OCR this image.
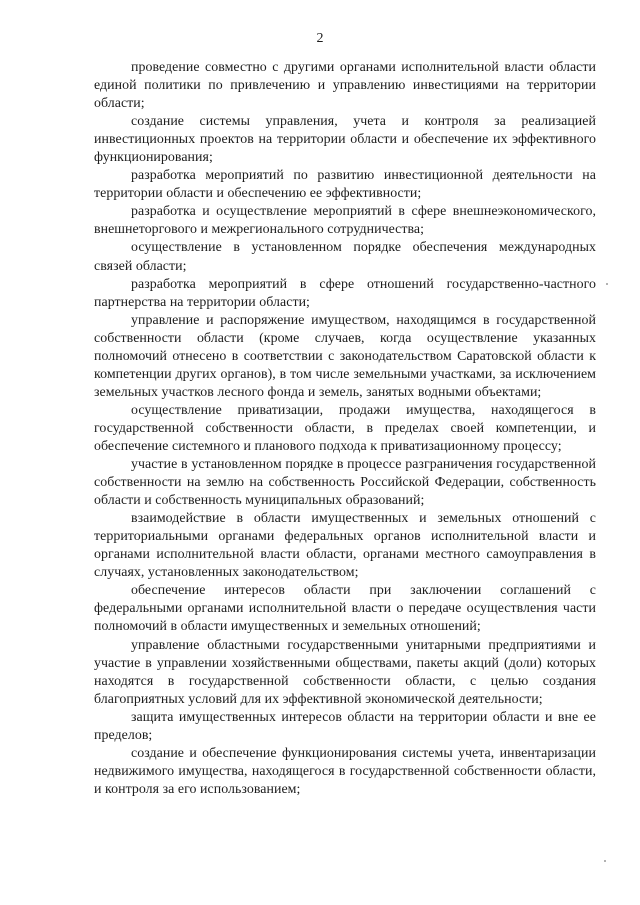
2

проведение совместно с другими органами исполнительной власти области единой политики по привлечению и управлению инвестициями на территории области;

создание системы управления, учета и контроля за реализацией инвестиционных проектов на территории области и обеспечение их эффективного функционирования;

разработка мероприятий по развитию инвестиционной деятельности на территории области и обеспечению ее эффективности;

разработка и осуществление мероприятий в сфере внешнеэкономического, внешнеторгового и межрегионального сотрудничества;

осуществление в установленном порядке обеспечения международных связей области;

разработка мероприятий в сфере отношений государственно-частного партнерства на территории области;

управление и распоряжение имуществом, находящимся в государственной собственности области (кроме случаев, когда осуществление указанных полномочий отнесено в соответствии с законодательством Саратовской области к компетенции других органов), в том числе земельными участками, за исключением земельных участков лесного фонда и земель, занятых водными объектами;

осуществление приватизации, продажи имущества, находящегося в государственной собственности области, в пределах своей компетенции, и обеспечение системного и планового подхода к приватизационному процессу;

участие в установленном порядке в процессе разграничения государственной собственности на землю на собственность Российской Федерации, собственность области и собственность муниципальных образований;

взаимодействие в области имущественных и земельных отношений с территориальными органами федеральных органов исполнительной власти и органами исполнительной власти области, органами местного самоуправления в случаях, установленных законодательством;

обеспечение интересов области при заключении соглашений с федеральными органами исполнительной власти о передаче осуществления части полномочий в области имущественных и земельных отношений;

управление областными государственными унитарными предприятиями и участие в управлении хозяйственными обществами, пакеты акций (доли) которых находятся в государственной собственности области, с целью создания благоприятных условий для их эффективной экономической деятельности;

защита имущественных интересов области на территории области и вне ее пределов;

создание и обеспечение функционирования системы учета, инвентаризации недвижимого имущества, находящегося в государственной собственности области, и контроля за его использованием;
